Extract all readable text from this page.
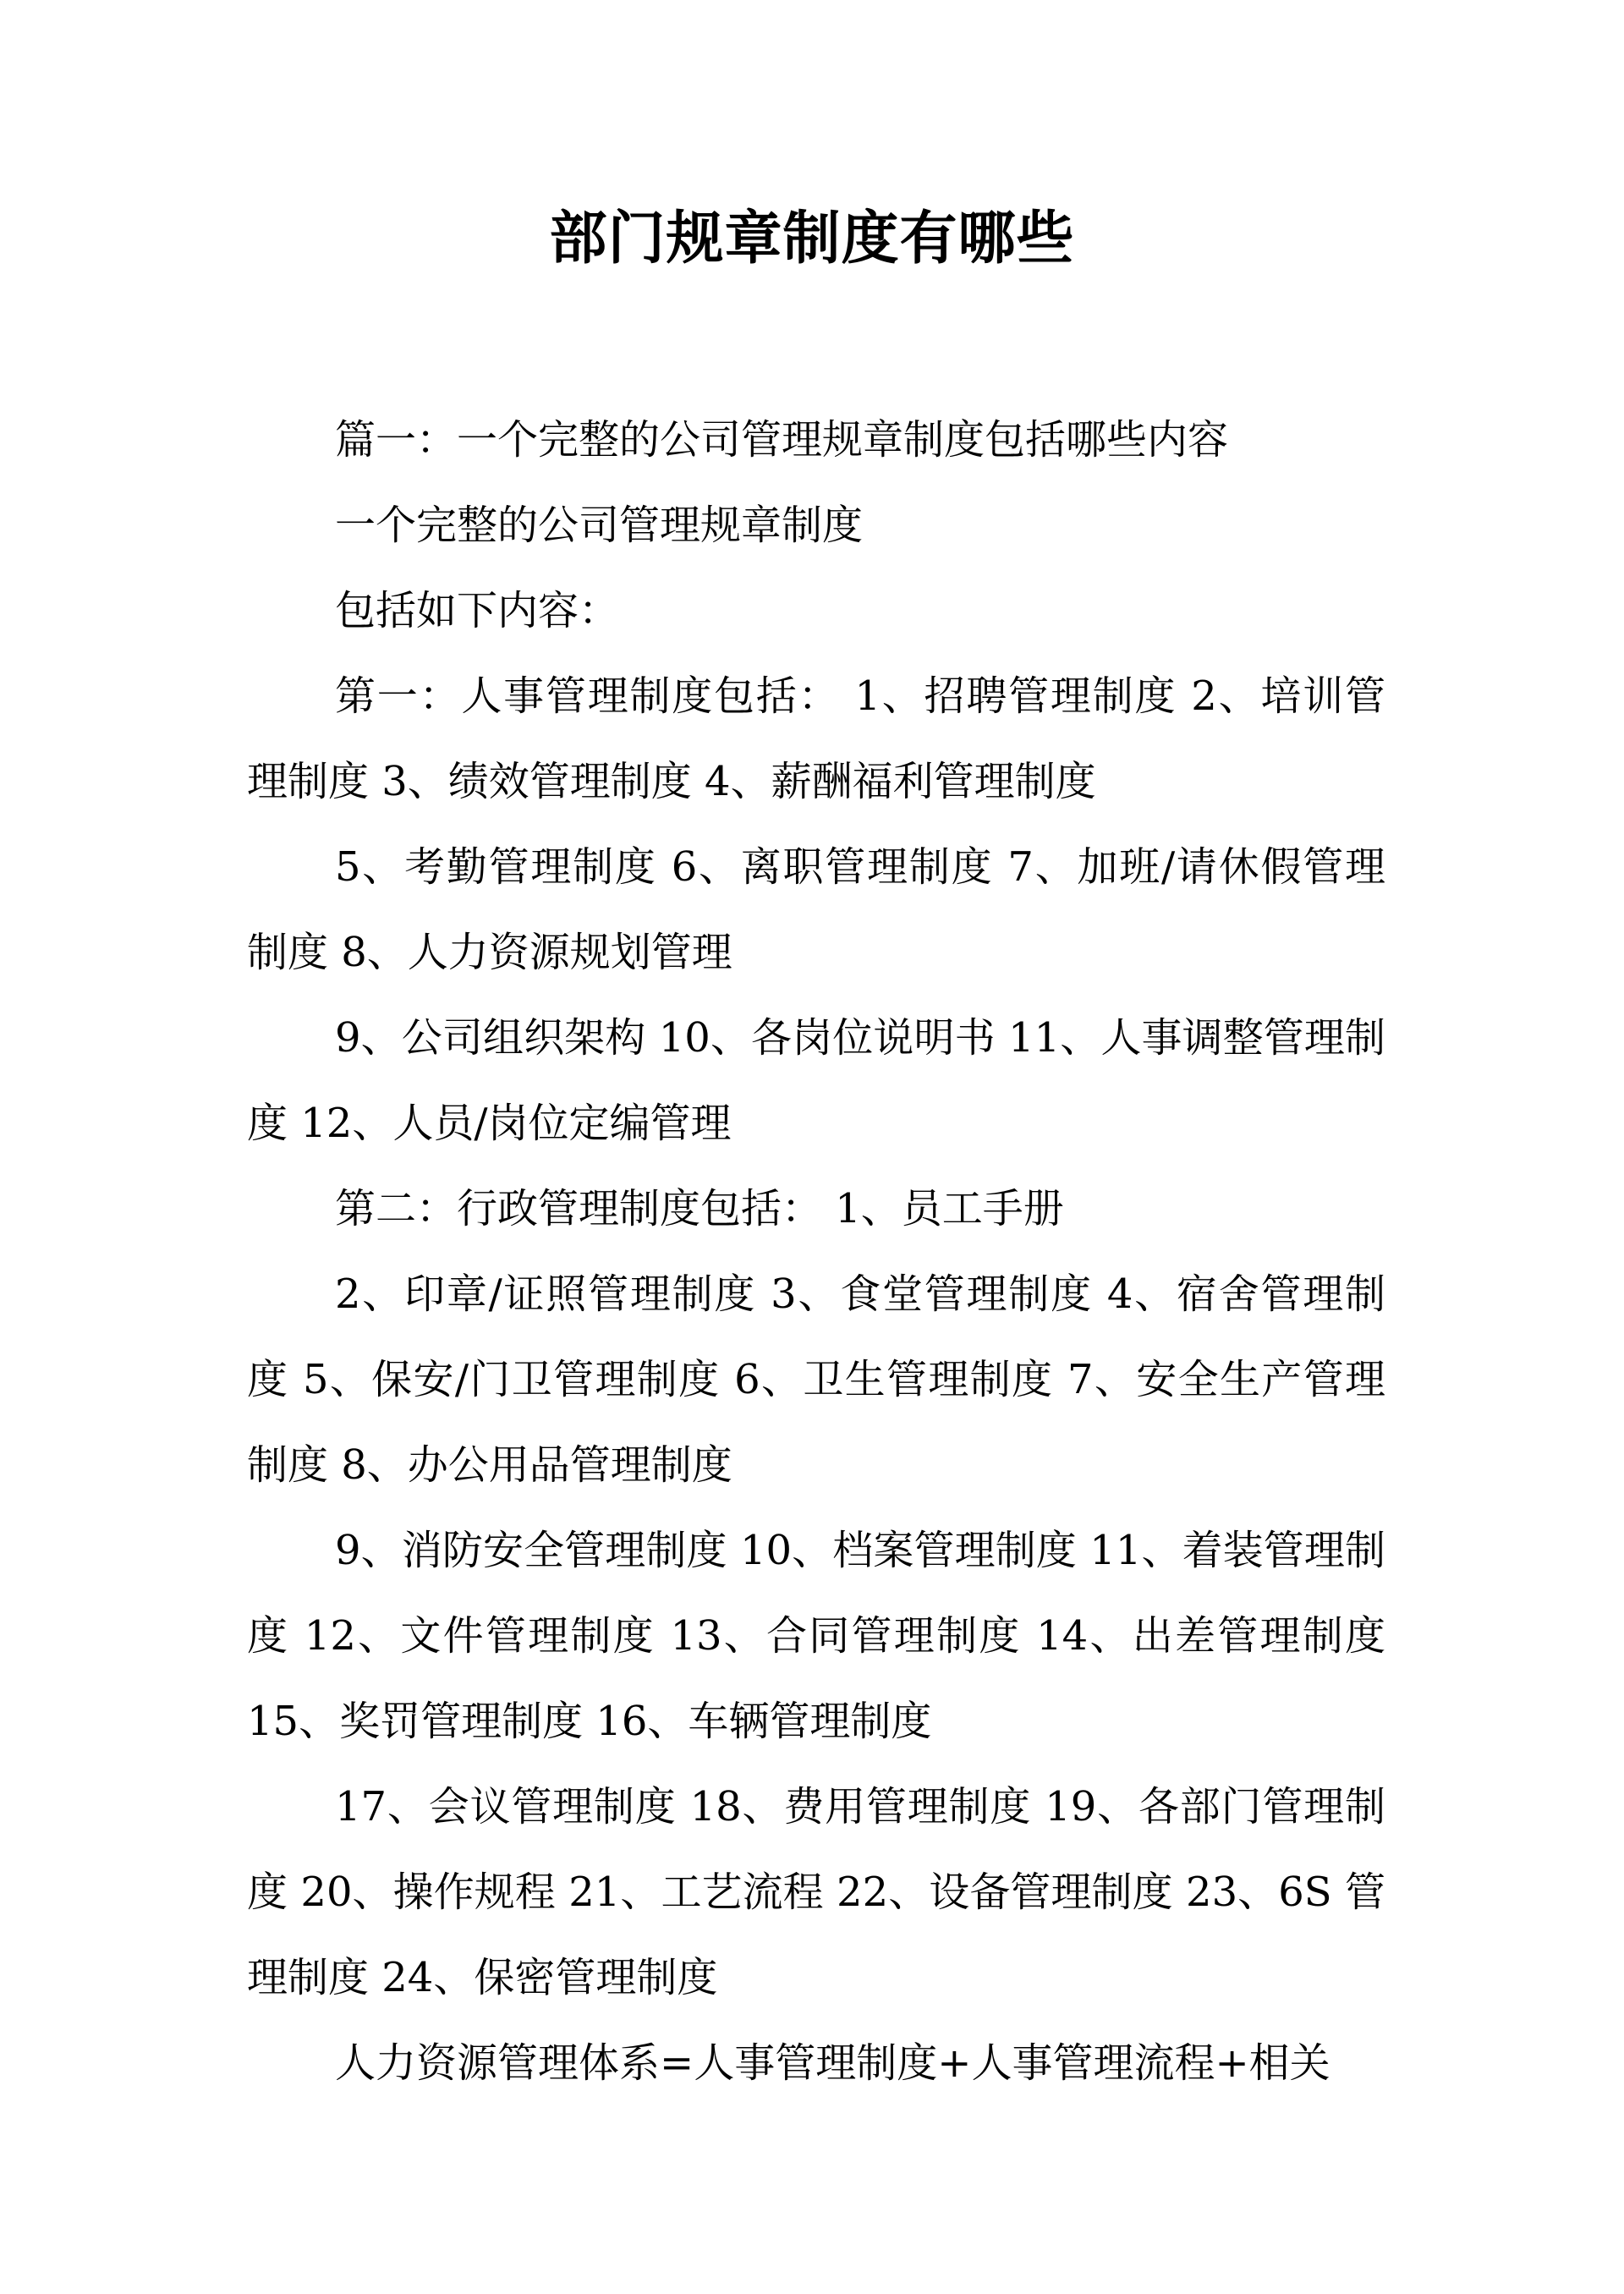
部门规章制度有哪些

篇一：一个完整的公司管理规章制度包括哪些内容

一个完整的公司管理规章制度

包括如下内容：

第一：人事管理制度包括： 1、招聘管理制度 2、培训管理制度 3、绩效管理制度 4、薪酬福利管理制度

5、考勤管理制度 6、离职管理制度 7、加班/请休假管理制度 8、人力资源规划管理

9、公司组织架构 10、各岗位说明书 11、人事调整管理制度 12、人员/岗位定编管理

第二：行政管理制度包括： 1、员工手册

2、印章/证照管理制度 3、食堂管理制度 4、宿舍管理制度 5、保安/门卫管理制度 6、卫生管理制度 7、安全生产管理制度 8、办公用品管理制度

9、消防安全管理制度 10、档案管理制度 11、着装管理制度 12、文件管理制度 13、合同管理制度 14、出差管理制度 15、奖罚管理制度 16、车辆管理制度

17、会议管理制度 18、费用管理制度 19、各部门管理制度 20、操作规程 21、工艺流程 22、设备管理制度 23、6S 管理制度 24、保密管理制度

人力资源管理体系=人事管理制度+人事管理流程+相关
